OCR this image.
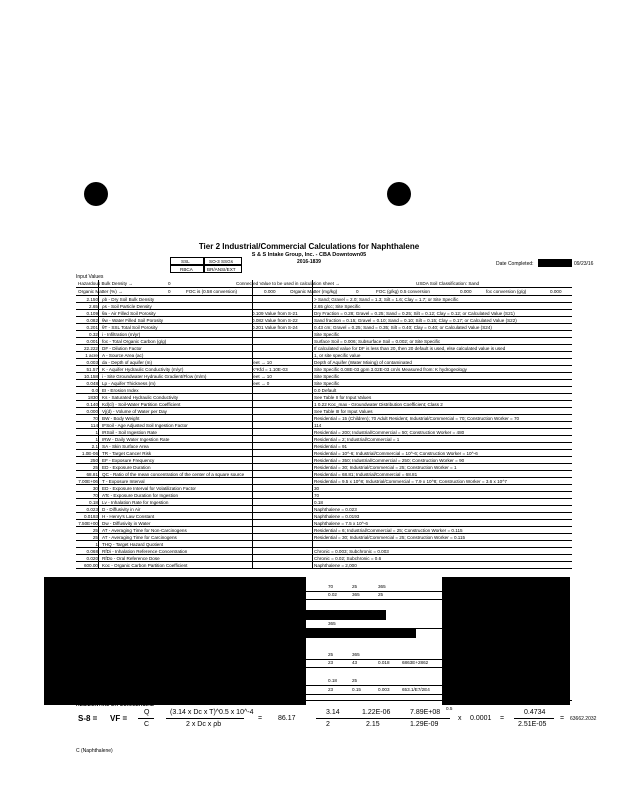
Tier 2 Industrial/Commercial Calculations for Naphthalene
S & S Intake Group, Inc. - CBA Downtown05
2016-1839
SSL	SO-3 SSGs
RBCA	BR/ANSI/EXT
Date Completed:	09/23/16
Input Values
Hazardous Bulk Density →	0	Connected Value to be used in calculation sheet →	USDA Soil Classification: Sand
Organic Matter (%) →	0	FOC is (0.58 conversion)	0.000	Organic Matter (mg/kg)	0	FOC (g/kg) 0.5 conversion	0.000	foc conversion (g/g)	0.000
2.150 ρb - Dry Soil Bulk Density	> Sand; Gravel = 2.0; Sand = 1.3; Silt = 1.6; Clay = 1.7; or Site Specific
2.65 ρs - Soil Particle Density	2.65 g/cc; Site Specific
0.109 θa - Air Filled Soil Porosity	0.109 Value from S-21	Dry Fraction = 0.28; Gravel = 0.25; Sand = 0.25; Silt = 0.12; Clay = 0.12; or Calculated Value (S21)
0.082 θw - Water Filled Soil Porosity	0.082 Value from S-22	Sand fraction = 0.15; Gravel = 0.10; Sand = 0.10; Silt = 0.15; Clay = 0.17; or Calculated Value (S22)
0.201 θT - SSL Total Soil Porosity	0.201 Value from S-24	0.43 cm; Gravel = 0.25; Sand = 0.35; Silt = 0.40; Clay = 0.40; or Calculated Value (S24)
0.32 i - Infiltration (m/yr)	Site Specific
0.001 foc - Total Organic Carbon (g/g)	Surface Soil = 0.006; Subsurface Soil = 0.002; or Site Specific
22.222 DF - Dilution Factor	If calculated value for DF is less than 20, then 20 default is used, else calculated value is used
1 acre A - Source Area (ac)	1, or site specific value
0.003 da - Depth of aquifer (m)	feet → 10	Depth of Aquifer (Water Mixing) of contaminated
51.57 K - Aquifer Hydraulic Conductivity (m/yr)	K*Kfd = 1.10E-03	Site Specific 0.08E-03 gpm 3.02E-03 cm/s Measured from: K hydrogeology
10.158 i - Site Groundwater Hydraulic Gradient/Flow (m/m)	feet → 10	Site Specific
0.048 Lp - Aquifer Thickness (m)	feet → 0	Site Specific
0.0 EI - Erosion Index	0.0 Default
1830 Ks - Saturated Hydraulic Conductivity	See Table II for Input Values
0.140 Kd(cl) - Soil-Water Partition Coefficient	1 0.22 Koc_max - Groundwater Distribution Coefficient; Class 2
0.000 Vj(d) - Volume of Water per Day	See Table III for Input Values
70 BW - Body Weight	Residential = 15 (Children); 70 Adult Resident; Industrial/Commercial = 70; Construction Worker = 70
114 IFSoil - Age Adjusted Soil Ingestion Factor	114
1 IRSoil - Soil Ingestion Rate	Residential = 200; Industrial/Commercial = 50; Construction Worker = 480
1 IRW - Daily Water Ingestion Rate	Residential = 2; Industrial/Commercial = 1
2.1 SA - Skin Surface Area	Residential = 91
1.0E-06 TR - Target Cancer Risk	Residential = 10^-6; Industrial/Commercial = 10^-6; Construction Worker = 10^-6
250 EF - Exposure Frequency	Residential = 350; Industrial/Commercial = 250; Construction Worker = 90
25 ED - Exposure Duration	Residential = 30; Industrial/Commercial = 25; Construction Worker = 1
68.81 QC - Ratio of the mean concentration of the center of a square source	Residential = 68.81; Industrial/Commercial = 68.81
7.00E+06 T - Exposure Interval	Residential = 9.5 x 10^8; Industrial/Commercial = 7.9 x 10^8; Construction Worker = 3.6 x 10^7
30 ED - Exposure Interval for Volatilization Factor	30
70 ATc - Exposure Duration for Ingestion	70
0.18 Lv - Inhalation Rate for Ingestion	0.18
0.023 D - Diffusivity in Air	Naphthalene = 0.023
0.0193 H - Henry's Law Constant	Naphthalene = 0.0193
7.50E+00 Dw - Diffusivity in Water	Naphthalene = 7.5 x 10^-6
25 AT - Averaging Time for Non-Carcinogens	Residential = 6; Industrial/Commercial = 25; Construction Worker = 0.115
25 AT - Averaging Time for Carcinogens	Residential = 30; Industrial/Commercial = 25; Construction Worker = 0.115
1 THQ - Target Hazard Quotient
0.068 RfDi - Inhalation Reference Concentration	Chronic = 0.003; Subchronic = 0.003
0.020 RfDo - Oral Reference Dose	Chronic = 0.02; Subchronic = 0.6
600.00 Koc - Organic Carbon Partition Coefficient	Naphthalene = 2,000
70	25	365
0.02	365	25
365
25	365
23	43	0.018	6863E+2862
0.18	25
23	0.15	0.003	653.1/E7/2E4
RESIDENTIAL OR COMMERCIAL
S-8 = VF =
Q
C
(3.14 x Dc x T)^0.5 x 10^-4
2 x Dc x ρb
= 86.17
3.14	1.22E-06	7.89E+08
0.5
2	2.15	1.29E-09
x 0.0001 =
0.4734
2.51E-05
= 63662.2032
C (Naphthalene)
